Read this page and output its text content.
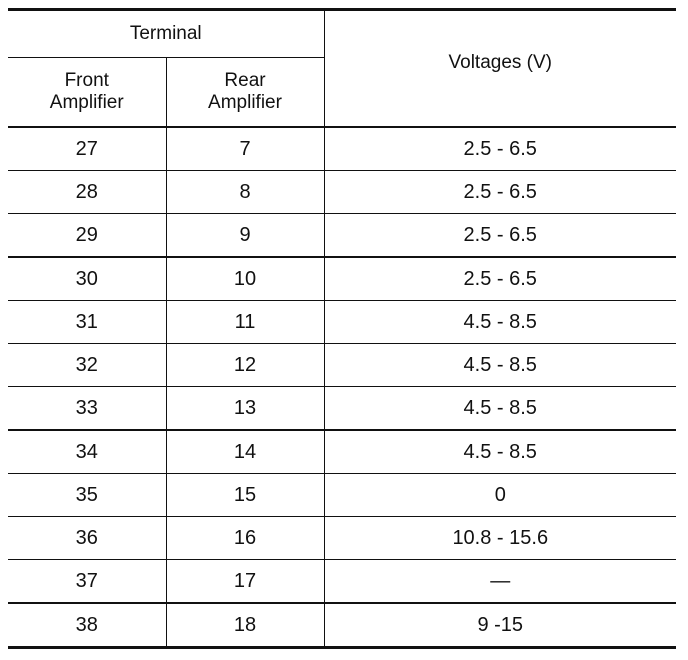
Terminal		Voltages (V)
Front Amplifier	Rear Amplifier	
27	7	2.5 - 6.5
28	8	2.5 - 6.5
29	9	2.5 - 6.5
30	10	2.5 - 6.5
31	11	4.5 - 8.5
32	12	4.5 - 8.5
33	13	4.5 - 8.5
34	14	4.5 - 8.5
35	15	0
36	16	10.8 - 15.6
37	17	—
38	18	9 -15
